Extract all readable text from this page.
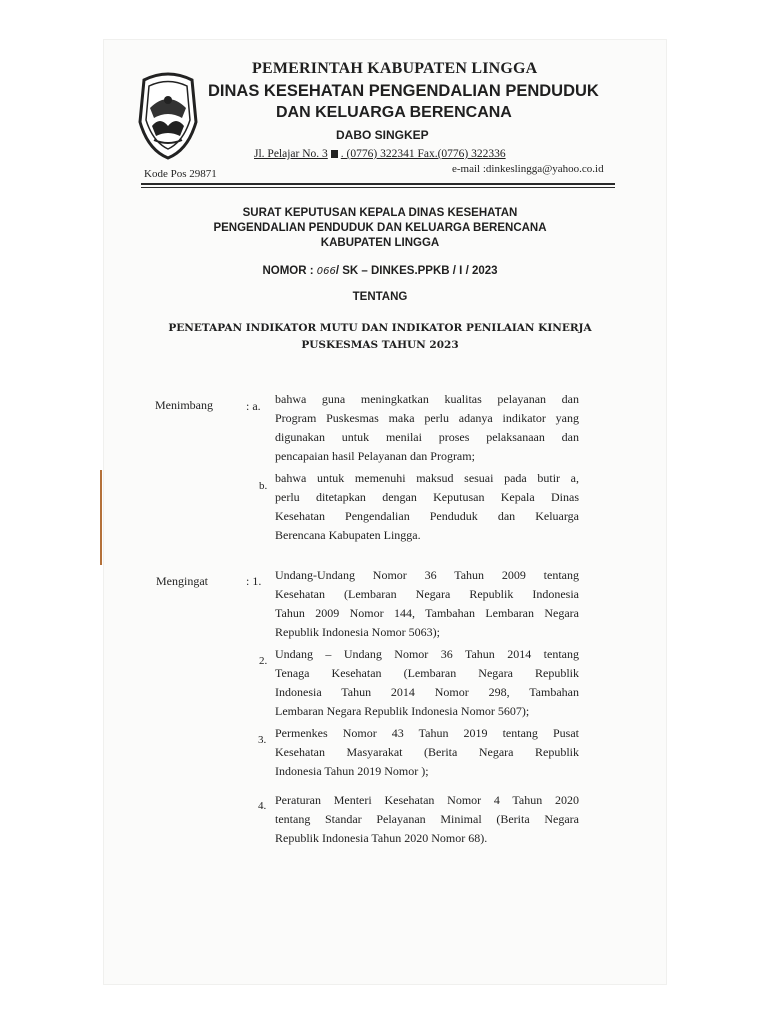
PEMERINTAH KABUPATEN LINGGA
DINAS KESEHATAN PENGENDALIAN PENDUDUK
DAN KELUARGA BERENCANA
DABO SINGKEP
Jl. Pelajar No. 3 . (0776) 322341 Fax.(0776) 322336
Kode Pos 29871	e-mail :dinkeslingga@yahoo.co.id
SURAT KEPUTUSAN KEPALA DINAS KESEHATAN
PENGENDALIAN PENDUDUK DAN KELUARGA BERENCANA
KABUPATEN LINGGA
NOMOR : 066/ SK – DINKES.PPKB / I / 2023
TENTANG
PENETAPAN INDIKATOR MUTU DAN INDIKATOR PENILAIAN KINERJA
PUSKESMAS TAHUN 2023
Menimbang	: a. bahwa guna meningkatkan kualitas pelayanan dan
Program Puskesmas maka perlu adanya indikator yang
digunakan untuk menilai proses pelaksanaan dan
pencapaian hasil Pelayanan dan Program;
b.
bahwa untuk memenuhi maksud sesuai pada butir a,
perlu ditetapkan dengan Keputusan Kepala Dinas
Kesehatan Pengendalian Penduduk dan Keluarga
Berencana Kabupaten Lingga.
Mengingat	: 1. Undang-Undang Nomor 36 Tahun 2009 tentang
Kesehatan (Lembaran Negara Republik Indonesia
Tahun 2009 Nomor 144, Tambahan Lembaran Negara
Republik Indonesia Nomor 5063);
2. Undang – Undang Nomor 36 Tahun 2014 tentang
Tenaga Kesehatan (Lembaran Negara Republik
Indonesia Tahun 2014 Nomor 298, Tambahan
Lembaran Negara Republik Indonesia Nomor 5607);
3. Permenkes Nomor 43 Tahun 2019 tentang Pusat
Kesehatan Masyarakat (Berita Negara Republik
Indonesia Tahun 2019 Nomor );
4. Peraturan Menteri Kesehatan Nomor 4 Tahun 2020
tentang Standar Pelayanan Minimal (Berita Negara
Republik Indonesia Tahun 2020 Nomor 68).
